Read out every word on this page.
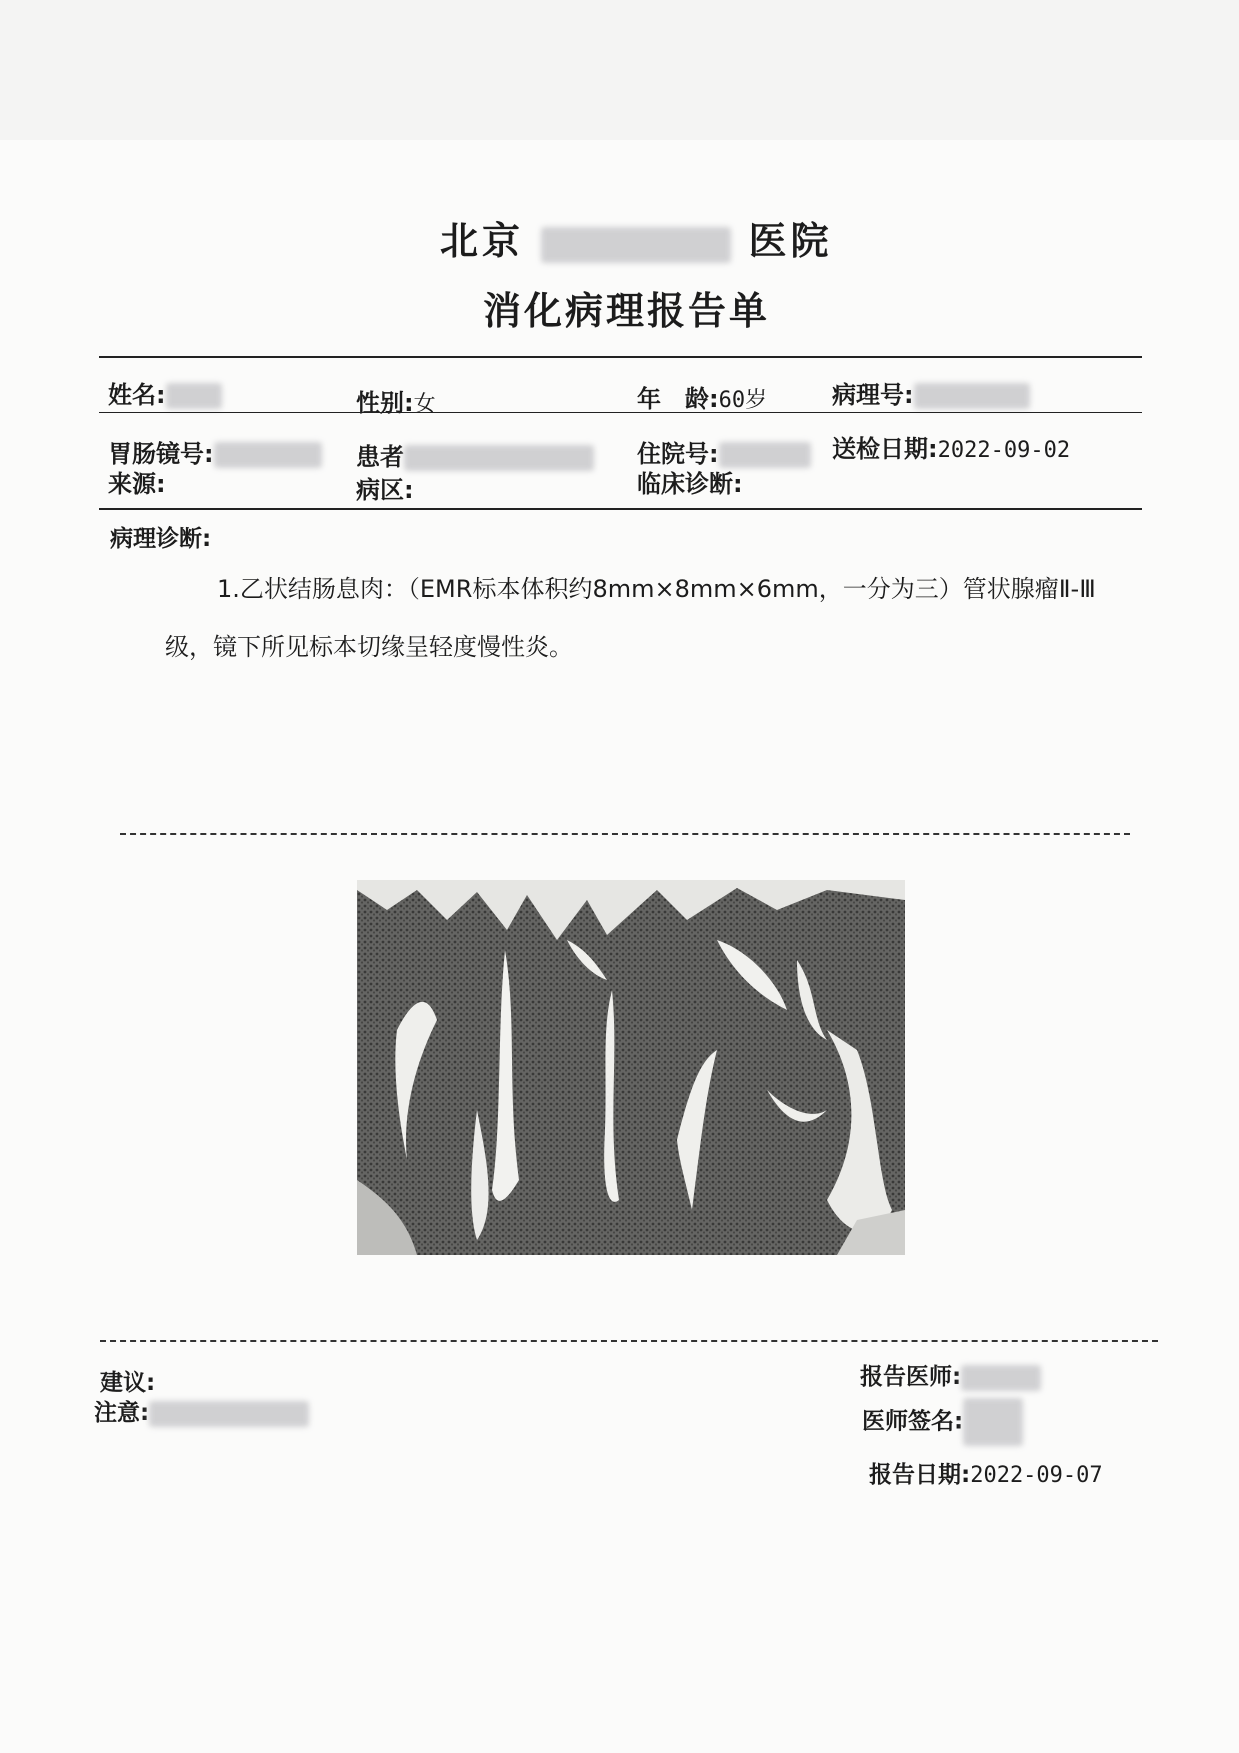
北京	医院
消化病理报告单
姓名:	性别:女	年　龄:60岁	病理号:
胃肠镜号:	患者	住院号:	送检日期:2022-09-02
来源:	病区:	临床诊断:
病理诊断:
1.乙状结肠息肉：（EMR标本体积约8mm×8mm×6mm，一分为三）管状腺瘤Ⅱ-Ⅲ
级，镜下所见标本切缘呈轻度慢性炎。
建议:
注意:
报告医师:
医师签名:
报告日期:2022-09-07
